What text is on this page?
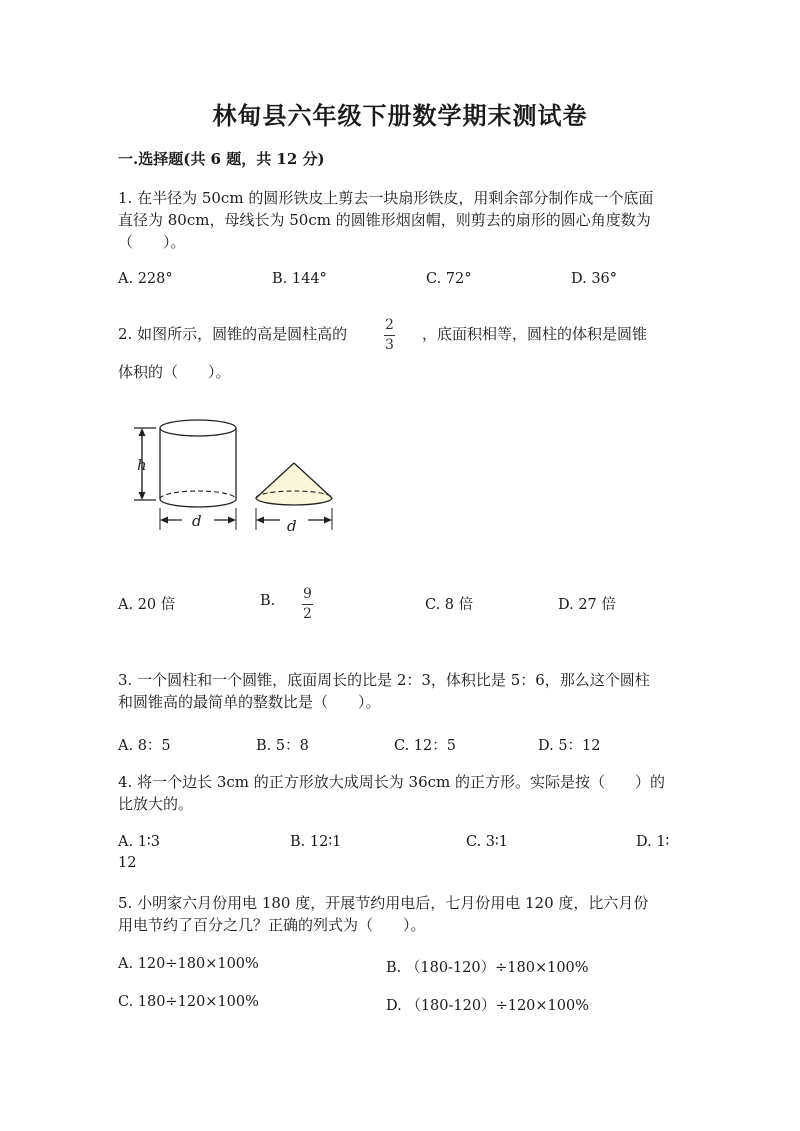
林甸县六年级下册数学期末测试卷
一.选择题(共 6 题，共 12 分)
1. 在半径为 50cm 的圆形铁皮上剪去一块扇形铁皮，用剩余部分制作成一个底面
直径为 80cm，母线长为 50cm 的圆锥形烟囱帽，则剪去的扇形的圆心角度数为
（　　）。
A. 228°	B. 144°	C. 72°	D. 36°
2. 如图所示，圆锥的高是圆柱高的	2
3
，底面积相等，圆柱的体积是圆锥
体积的（　　）。
h
d	d
A. 20 倍	B. 9
2
C. 8 倍	D. 27 倍
3. 一个圆柱和一个圆锥，底面周长的比是 2：3，体积比是 5：6，那么这个圆柱
和圆锥高的最简单的整数比是（　　）。
A. 8：5	B. 5：8	C. 12：5	D. 5：12
4. 将一个边长 3cm 的正方形放大成周长为 36cm 的正方形。实际是按（　　）的
比放大的。
A. 1∶3	B. 12∶1	C. 3∶1	D. 1∶
12
5. 小明家六月份用电 180 度，开展节约用电后，七月份用电 120 度，比六月份
用电节约了百分之几？正确的列式为（　　）。
A. 120÷180×100%	B. （180-120）÷180×100%
C. 180÷120×100%	D. （180-120）÷120×100%
